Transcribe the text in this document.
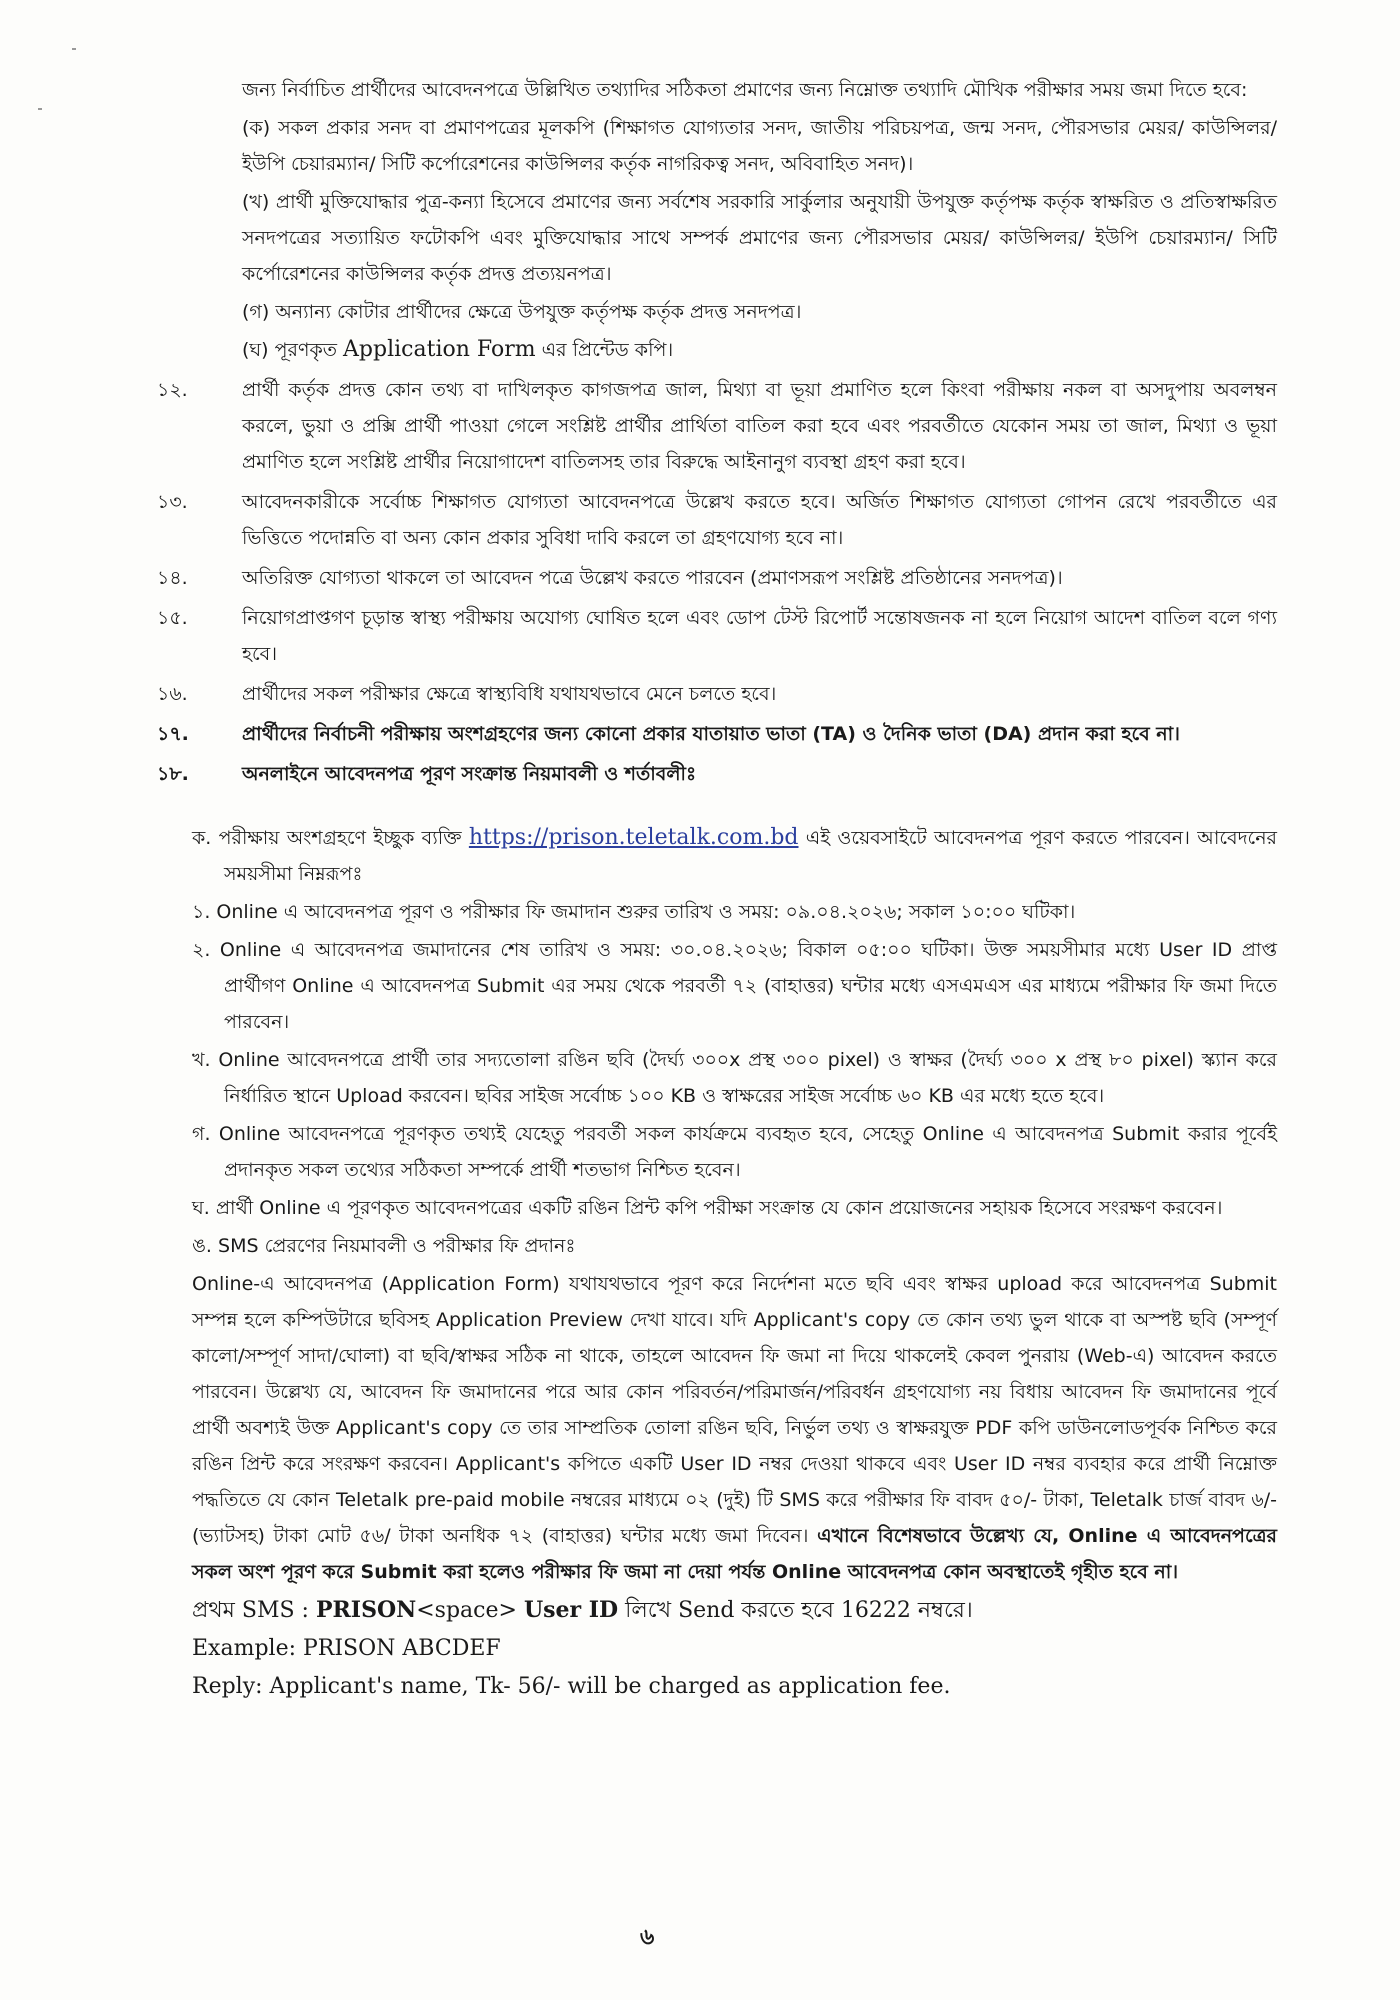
জন্য নির্বাচিত প্রার্থীদের আবেদনপত্রে উল্লিখিত তথ্যাদির সঠিকতা প্রমাণের জন্য নিম্নোক্ত তথ্যাদি মৌখিক পরীক্ষার সময় জমা দিতে হবে:

(ক) সকল প্রকার সনদ বা প্রমাণপত্রের মূলকপি (শিক্ষাগত যোগ্যতার সনদ, জাতীয় পরিচয়পত্র, জন্ম সনদ, পৌরসভার মেয়র/ কাউন্সিলর/ ইউপি চেয়ারম্যান/ সিটি কর্পোরেশনের কাউন্সিলর কর্তৃক নাগরিকত্ব সনদ, অবিবাহিত সনদ)।

(খ) প্রার্থী মুক্তিযোদ্ধার পুত্র-কন্যা হিসেবে প্রমাণের জন্য সর্বশেষ সরকারি সার্কুলার অনুযায়ী উপযুক্ত কর্তৃপক্ষ কর্তৃক স্বাক্ষরিত ও প্রতিস্বাক্ষরিত সনদপত্রের সত্যায়িত ফটোকপি এবং মুক্তিযোদ্ধার সাথে সম্পর্ক প্রমাণের জন্য পৌরসভার মেয়র/ কাউন্সিলর/ ইউপি চেয়ারম্যান/ সিটি কর্পোরেশনের কাউন্সিলর কর্তৃক প্রদত্ত প্রত্যয়নপত্র।

(গ) অন্যান্য কোটার প্রার্থীদের ক্ষেত্রে উপযুক্ত কর্তৃপক্ষ কর্তৃক প্রদত্ত সনদপত্র।

(ঘ) পূরণকৃত Application Form এর প্রিন্টেড কপি।

১২.	প্রার্থী কর্তৃক প্রদত্ত কোন তথ্য বা দাখিলকৃত কাগজপত্র জাল, মিথ্যা বা ভূয়া প্রমাণিত হলে কিংবা পরীক্ষায় নকল বা অসদুপায় অবলম্বন করলে, ভুয়া ও প্রক্সি প্রার্থী পাওয়া গেলে সংশ্লিষ্ট প্রার্থীর প্রার্থিতা বাতিল করা হবে এবং পরবর্তীতে যেকোন সময় তা জাল, মিথ্যা ও ভূয়া প্রমাণিত হলে সংশ্লিষ্ট প্রার্থীর নিয়োগাদেশ বাতিলসহ তার বিরুদ্ধে আইনানুগ ব্যবস্থা গ্রহণ করা হবে।
১৩.	আবেদনকারীকে সর্বোচ্চ শিক্ষাগত যোগ্যতা আবেদনপত্রে উল্লেখ করতে হবে। অর্জিত শিক্ষাগত যোগ্যতা গোপন রেখে পরবর্তীতে এর ভিত্তিতে পদোন্নতি বা অন্য কোন প্রকার সুবিধা দাবি করলে তা গ্রহণযোগ্য হবে না।
১৪.	অতিরিক্ত যোগ্যতা থাকলে তা আবেদন পত্রে উল্লেখ করতে পারবেন (প্রমাণসরূপ সংশ্লিষ্ট প্রতিষ্ঠানের সনদপত্র)।
১৫.	নিয়োগপ্রাপ্তগণ চূড়ান্ত স্বাস্থ্য পরীক্ষায় অযোগ্য ঘোষিত হলে এবং ডোপ টেস্ট রিপোর্ট সন্তোষজনক না হলে নিয়োগ আদেশ বাতিল বলে গণ্য হবে।
১৬.	প্রার্থীদের সকল পরীক্ষার ক্ষেত্রে স্বাস্থ্যবিধি যথাযথভাবে মেনে চলতে হবে।
১৭.	প্রার্থীদের নির্বাচনী পরীক্ষায় অংশগ্রহণের জন্য কোনো প্রকার যাতায়াত ভাতা (TA) ও দৈনিক ভাতা (DA) প্রদান করা হবে না।
১৮.	অনলাইনে আবেদনপত্র পূরণ সংক্রান্ত নিয়মাবলী ও শর্তাবলীঃ

ক. পরীক্ষায় অংশগ্রহণে ইচ্ছুক ব্যক্তি https://prison.teletalk.com.bd এই ওয়েবসাইটে আবেদনপত্র পূরণ করতে পারবেন। আবেদনের সময়সীমা নিম্নরূপঃ

১. Online এ আবেদনপত্র পূরণ ও পরীক্ষার ফি জমাদান শুরুর তারিখ ও সময়: ০৯.০৪.২০২৬; সকাল ১০:০০ ঘটিকা।

২. Online এ আবেদনপত্র জমাদানের শেষ তারিখ ও সময়: ৩০.০৪.২০২৬; বিকাল ০৫:০০ ঘটিকা। উক্ত সময়সীমার মধ্যে User ID প্রাপ্ত প্রার্থীগণ Online এ আবেদনপত্র Submit এর সময় থেকে পরবর্তী ৭২ (বাহাত্তর) ঘন্টার মধ্যে এসএমএস এর মাধ্যমে পরীক্ষার ফি জমা দিতে পারবেন।

খ. Online আবেদনপত্রে প্রার্থী তার সদ্যতোলা রঙিন ছবি (দৈর্ঘ্য ৩০০x প্রস্থ ৩০০ pixel) ও স্বাক্ষর (দৈর্ঘ্য ৩০০ x প্রস্থ ৮০ pixel) স্ক্যান করে নির্ধারিত স্থানে Upload করবেন। ছবির সাইজ সর্বোচ্চ ১০০ KB ও স্বাক্ষরের সাইজ সর্বোচ্চ ৬০ KB এর মধ্যে হতে হবে।

গ. Online আবেদনপত্রে পূরণকৃত তথ্যই যেহেতু পরবর্তী সকল কার্যক্রমে ব্যবহৃত হবে, সেহেতু Online এ আবেদনপত্র Submit করার পূর্বেই প্রদানকৃত সকল তথ্যের সঠিকতা সম্পর্কে প্রার্থী শতভাগ নিশ্চিত হবেন।

ঘ. প্রার্থী Online এ পূরণকৃত আবেদনপত্রের একটি রঙিন প্রিন্ট কপি পরীক্ষা সংক্রান্ত যে কোন প্রয়োজনের সহায়ক হিসেবে সংরক্ষণ করবেন।

ঙ. SMS প্রেরণের নিয়মাবলী ও পরীক্ষার ফি প্রদানঃ

Online-এ আবেদনপত্র (Application Form) যথাযথভাবে পূরণ করে নির্দেশনা মতে ছবি এবং স্বাক্ষর upload করে আবেদনপত্র Submit সম্পন্ন হলে কম্পিউটারে ছবিসহ Application Preview দেখা যাবে। যদি Applicant's copy তে কোন তথ্য ভুল থাকে বা অস্পষ্ট ছবি (সম্পূর্ণ কালো/সম্পূর্ণ সাদা/ঘোলা) বা ছবি/স্বাক্ষর সঠিক না থাকে, তাহলে আবেদন ফি জমা না দিয়ে থাকলেই কেবল পুনরায় (Web-এ) আবেদন করতে পারবেন। উল্লেখ্য যে, আবেদন ফি জমাদানের পরে আর কোন পরিবর্তন/পরিমার্জন/পরিবর্ধন গ্রহণযোগ্য নয় বিধায় আবেদন ফি জমাদানের পূর্বে প্রার্থী অবশ্যই উক্ত Applicant's copy তে তার সাম্প্রতিক তোলা রঙিন ছবি, নির্ভুল তথ্য ও স্বাক্ষরযুক্ত PDF কপি ডাউনলোডপূর্বক নিশ্চিত করে রঙিন প্রিন্ট করে সংরক্ষণ করবেন। Applicant's কপিতে একটি User ID নম্বর দেওয়া থাকবে এবং User ID নম্বর ব্যবহার করে প্রার্থী নিম্নোক্ত পদ্ধতিতে যে কোন Teletalk pre-paid mobile নম্বরের মাধ্যমে ০২ (দুই) টি SMS করে পরীক্ষার ফি বাবদ ৫০/- টাকা, Teletalk চার্জ বাবদ ৬/- (ভ্যাটসহ) টাকা মোট ৫৬/ টাকা অনধিক ৭২ (বাহাত্তর) ঘন্টার মধ্যে জমা দিবেন। এখানে বিশেষভাবে উল্লেখ্য যে, Online এ আবেদনপত্রের সকল অংশ পূরণ করে Submit করা হলেও পরীক্ষার ফি জমা না দেয়া পর্যন্ত Online আবেদনপত্র কোন অবস্থাতেই গৃহীত হবে না।

প্রথম SMS : PRISON<space> User ID লিখে Send করতে হবে 16222 নম্বরে।

Example: PRISON ABCDEF

Reply: Applicant's name, Tk- 56/- will be charged as application fee.

৬
